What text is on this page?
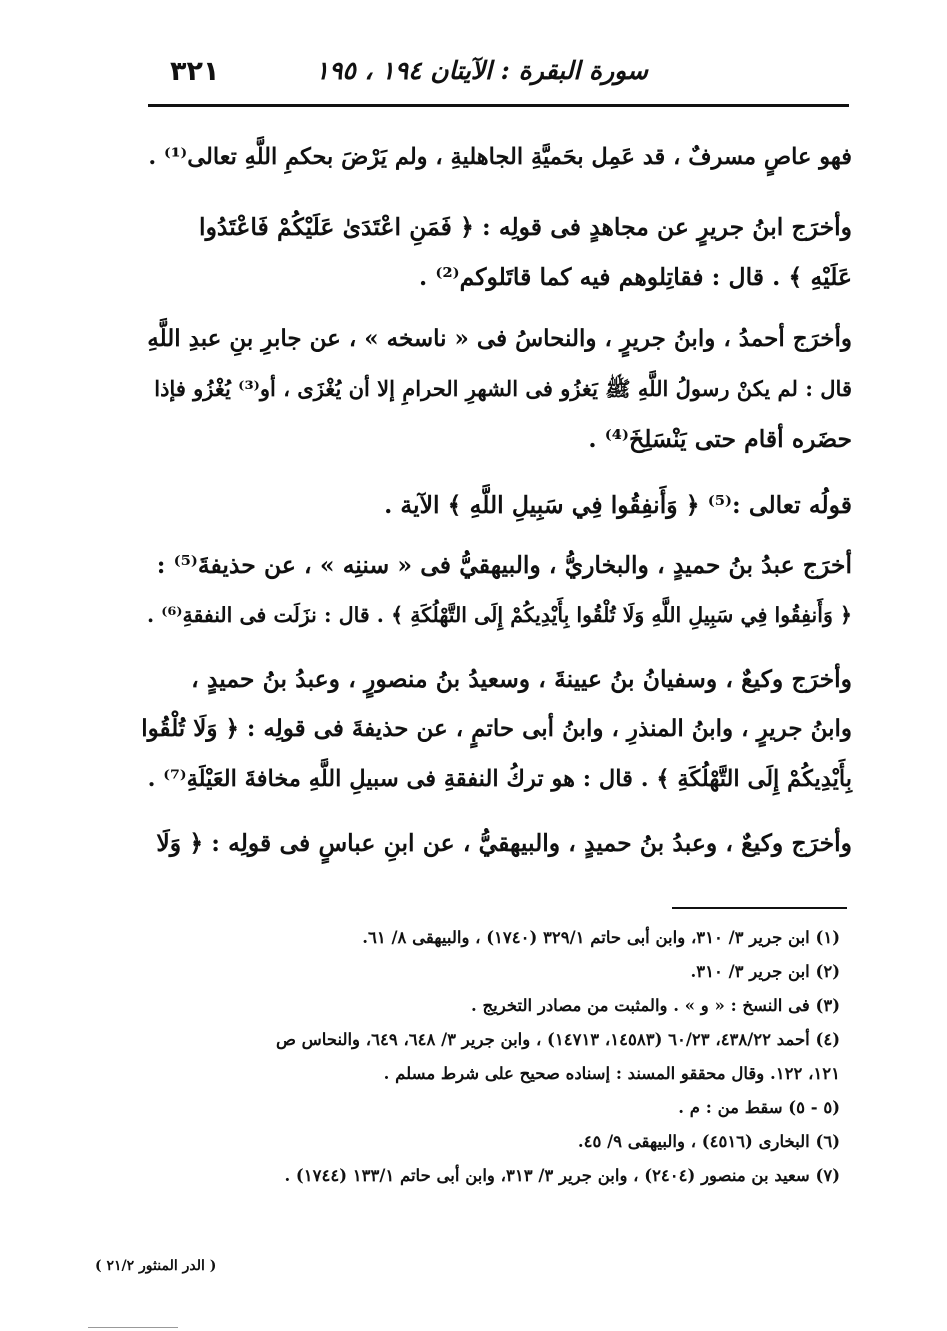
٣٢١	سورة البقرة : الآيتان ١٩٤ ، ١٩٥
فهو عاصٍ مسرفٌ ، قد عَمِل بحَميَّةِ الجاهليةِ ، ولم يَرْضَ بحكمِ اللَّهِ تعالى⁽¹⁾ .
وأخرَج ابنُ جريرٍ عن مجاهدٍ فى قولِه : ﴿ فَمَنِ اعْتَدَىٰ عَلَيْكُمْ فَاعْتَدُوا
عَلَيْهِ ﴾ . قال : فقاتِلوهم فيه كما قاتَلوكم⁽²⁾ .
وأخرَج أحمدُ ، وابنُ جريرٍ ، والنحاسُ فى « ناسخه » ، عن جابرِ بنِ عبدِ اللَّهِ
قال : لم يكنْ رسولُ اللَّهِ ﷺ يَغزُو فى الشهرِ الحرامِ إلا أن يُغْزَى ، أو⁽³⁾ يُغْزُو فإذا
حضَره أقام حتى يَنْسَلِخَ⁽⁴⁾ .
قولُه تعالى :⁽⁵⁾ ﴿ وَأَنفِقُوا فِي سَبِيلِ اللَّهِ ﴾ الآية .
أخرَج عبدُ بنُ حميدٍ ، والبخاريُّ ، والبيهقيُّ فى « سننِه » ، عن حذيفةَ⁽⁵⁾ :
﴿ وَأَنفِقُوا فِي سَبِيلِ اللَّهِ وَلَا تُلْقُوا بِأَيْدِيكُمْ إِلَى التَّهْلُكَةِ ﴾ . قال : نزَلَت فى النفقةِ⁽⁶⁾ .
وأخرَج وكيعٌ ، وسفيانُ بنُ عيينةَ ، وسعيدُ بنُ منصورٍ ، وعبدُ بنُ حميدٍ ،
وابنُ جريرٍ ، وابنُ المنذرِ ، وابنُ أبى حاتمٍ ، عن حذيفةَ فى قولِه : ﴿ وَلَا تُلْقُوا
بِأَيْدِيكُمْ إِلَى التَّهْلُكَةِ ﴾ . قال : هو تركُ النفقةِ فى سبيلِ اللَّهِ مخافةَ العَيْلَةِ⁽⁷⁾ .
وأخرَج وكيعٌ ، وعبدُ بنُ حميدٍ ، والبيهقيُّ ، عن ابنِ عباسٍ فى قولِه : ﴿ وَلَا
(١) ابن جرير ٣/ ٣١٠، وابن أبى حاتم ٣٢٩/١ (١٧٤٠) ، والبيهقى ٨/ ٦١.
(٢) ابن جرير ٣/ ٣١٠.
(٣) فى النسخ : « و » . والمثبت من مصادر التخريج .
(٤) أحمد ٤٣٨/٢٢، ٦٠/٢٣ (١٤٥٨٣، ١٤٧١٣) ، وابن جرير ٣/ ٦٤٨، ٦٤٩، والنحاس ص
١٢١، ١٢٢. وقال محققو المسند : إسناده صحيح على شرط مسلم .
(٥ - ٥) سقط من : م .
(٦) البخارى (٤٥١٦) ، والبيهقى ٩/ ٤٥.
(٧) سعيد بن منصور (٢٤٠٤) ، وابن جرير ٣/ ٣١٣، وابن أبى حاتم ١٣٣/١ (١٧٤٤) .
( الدر المنثور ٢١/٢ )
